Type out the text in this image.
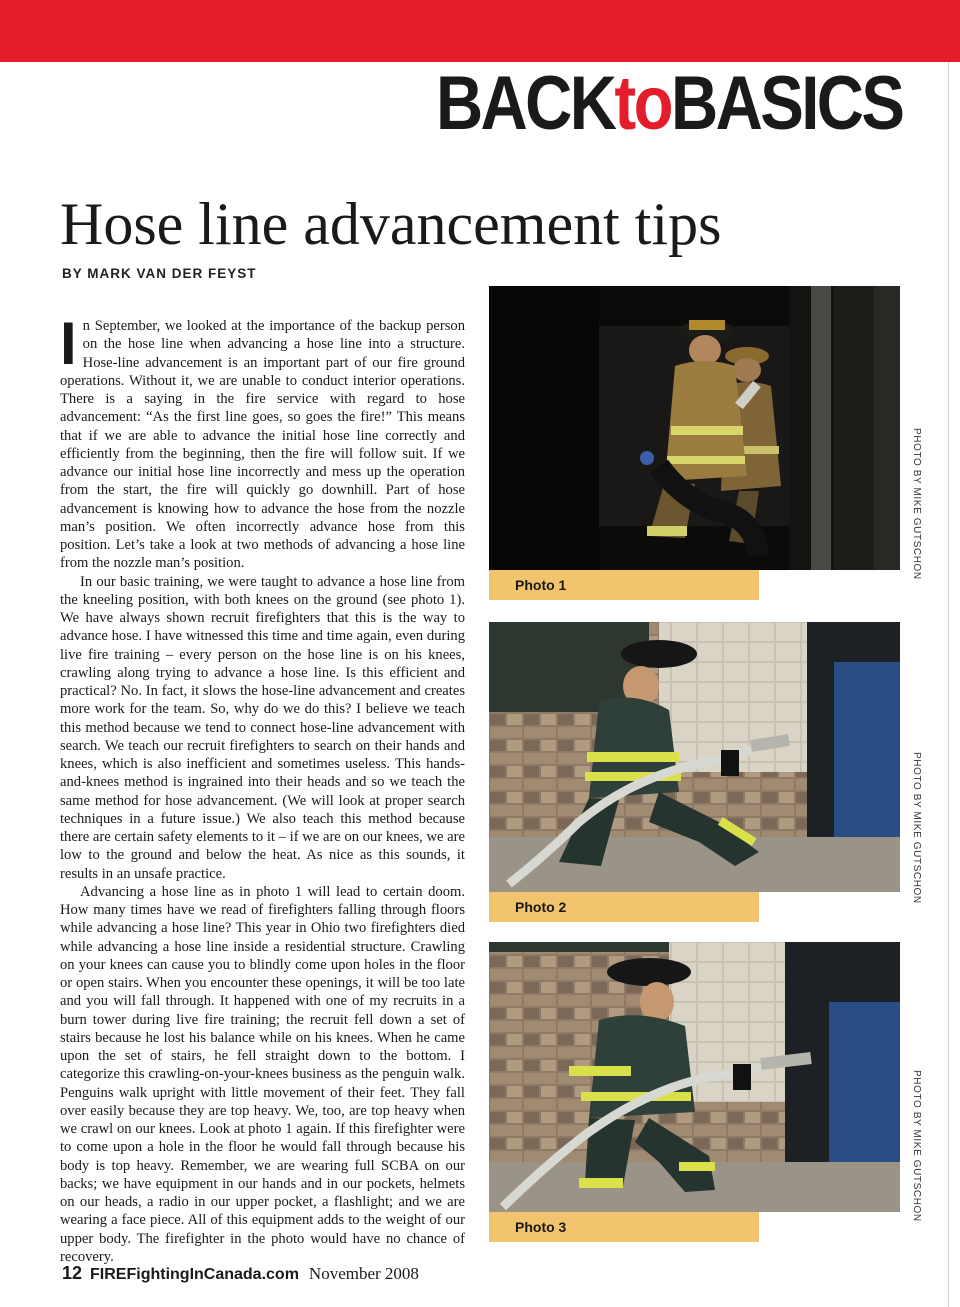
BACKtoBASICS
Hose line advancement tips
BY MARK VAN DER FEYST

In September, we looked at the importance of the backup person on the hose line when advancing a hose line into a structure. Hose-line advancement is an important part of our fire ground operations. Without it, we are unable to conduct interior operations. There is a saying in the fire service with regard to hose advancement: “As the first line goes, so goes the fire!” This means that if we are able to advance the initial hose line correctly and efficiently from the beginning, then the fire will follow suit. If we advance our initial hose line incorrectly and mess up the operation from the start, the fire will quickly go downhill. Part of hose advancement is knowing how to advance the hose from the nozzle man’s position. We often incorrectly advance hose from this position. Let’s take a look at two methods of advancing a hose line from the nozzle man’s position.

In our basic training, we were taught to advance a hose line from the kneeling position, with both knees on the ground (see photo 1). We have always shown recruit firefighters that this is the way to advance hose. I have witnessed this time and time again, even during live fire training – every person on the hose line is on his knees, crawling along trying to advance a hose line. Is this efficient and practical? No. In fact, it slows the hose-line advancement and creates more work for the team. So, why do we do this? I believe we teach this method because we tend to connect hose-line advancement with search. We teach our recruit firefighters to search on their hands and knees, which is also inefficient and sometimes useless. This hands-and-knees method is ingrained into their heads and so we teach the same method for hose advancement. (We will look at proper search techniques in a future issue.) We also teach this method because there are certain safety elements to it – if we are on our knees, we are low to the ground and below the heat. As nice as this sounds, it results in an unsafe practice.

Advancing a hose line as in photo 1 will lead to certain doom. How many times have we read of firefighters falling through floors while advancing a hose line? This year in Ohio two firefighters died while advancing a hose line inside a residential structure. Crawling on your knees can cause you to blindly come upon holes in the floor or open stairs. When you encounter these openings, it will be too late and you will fall through. It happened with one of my recruits in a burn tower during live fire training; the recruit fell down a set of stairs because he lost his balance while on his knees. When he came upon the set of stairs, he fell straight down to the bottom. I categorize this crawling-on-your-knees business as the penguin walk. Penguins walk upright with little movement of their feet. They fall over easily because they are top heavy. We, too, are top heavy when we crawl on our knees. Look at photo 1 again. If this firefighter were to come upon a hole in the floor he would fall through because his body is top heavy. Remember, we are wearing full SCBA on our backs; we have equipment in our hands and in our pockets, helmets on our heads, a radio in our upper pocket, a flashlight; and we are wearing a face piece. All of this equipment adds to the weight of our upper body. The firefighter in the photo would have no chance of recovery.

Photo 1
PHOTO BY MIKE GUTSCHON
Photo 2
PHOTO BY MIKE GUTSCHON
Photo 3
PHOTO BY MIKE GUTSCHON
12 FIREFightingInCanada.com November 2008
